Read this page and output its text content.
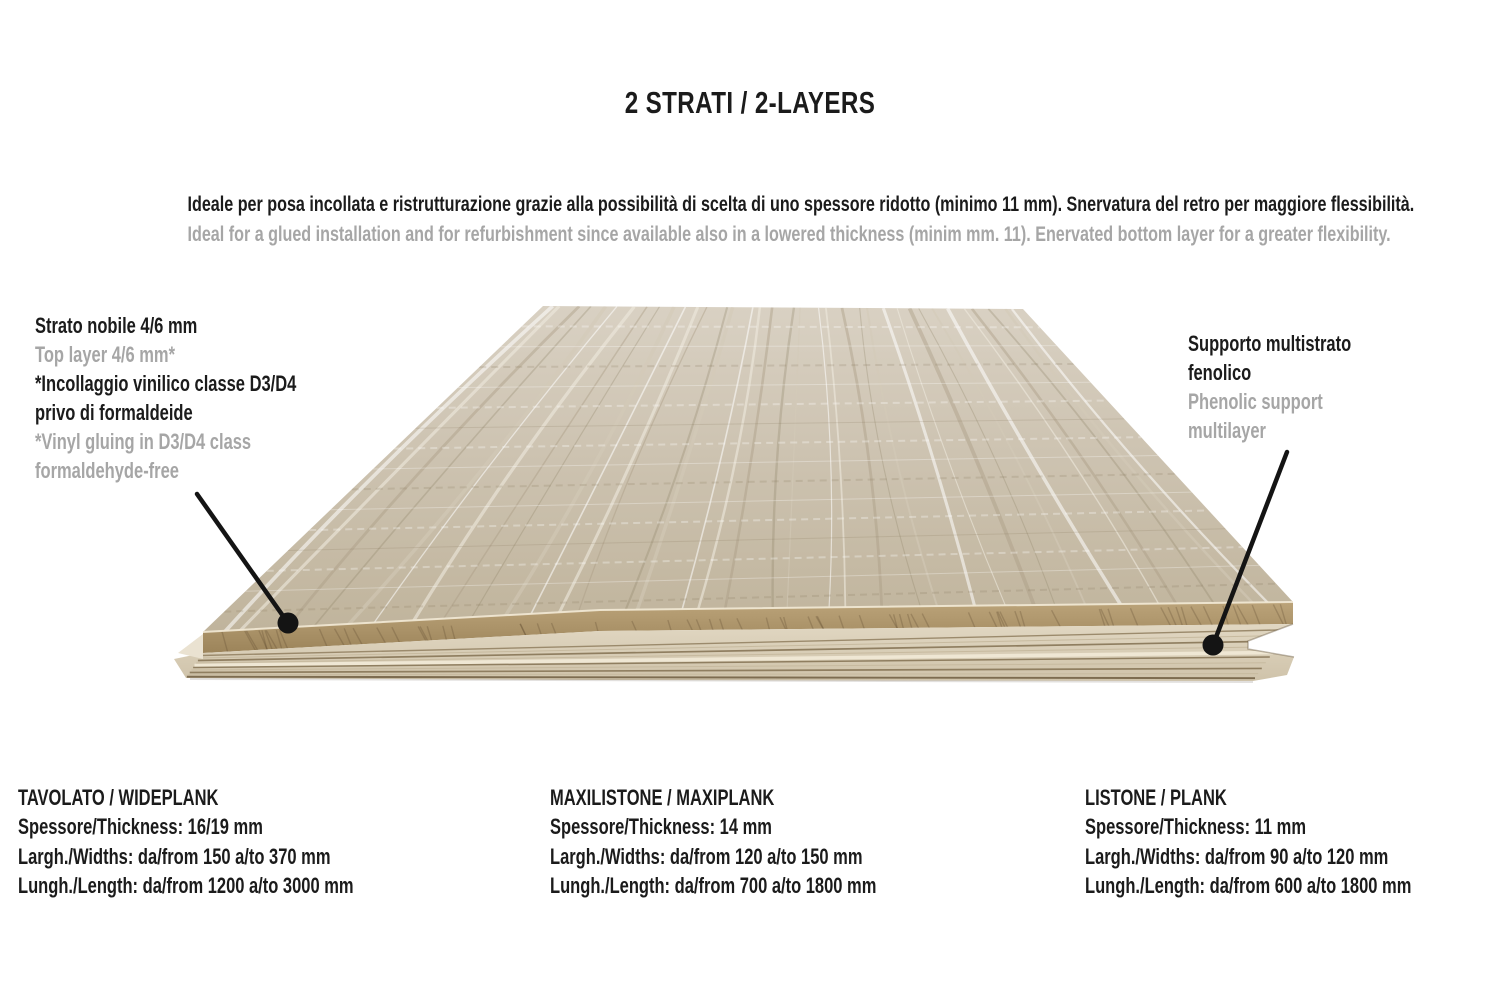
2 STRATI / 2-LAYERS
Ideale per posa incollata e ristrutturazione grazie alla possibilità di scelta di uno spessore ridotto (minimo 11 mm). Snervatura del retro per maggiore flessibilità.
Ideal for a glued installation and for refurbishment since available also in a lowered thickness (minim mm. 11). Enervated bottom layer for a greater flexibility.
Strato nobile 4/6 mm
Top layer 4/6 mm*
*Incollaggio vinilico classe D3/D4
privo di formaldeide
*Vinyl gluing in D3/D4 class
formaldehyde-free
Supporto multistrato
fenolico
Phenolic support
multilayer
TAVOLATO / WIDEPLANK
Spessore/Thickness: 16/19 mm
Largh./Widths: da/from 150 a/to 370 mm
Lungh./Length: da/from 1200 a/to 3000 mm
MAXILISTONE / MAXIPLANK
Spessore/Thickness: 14 mm
Largh./Widths: da/from 120 a/to 150 mm
Lungh./Length: da/from 700 a/to 1800 mm
LISTONE / PLANK
Spessore/Thickness: 11 mm
Largh./Widths: da/from 90 a/to 120 mm
Lungh./Length: da/from 600 a/to 1800 mm
